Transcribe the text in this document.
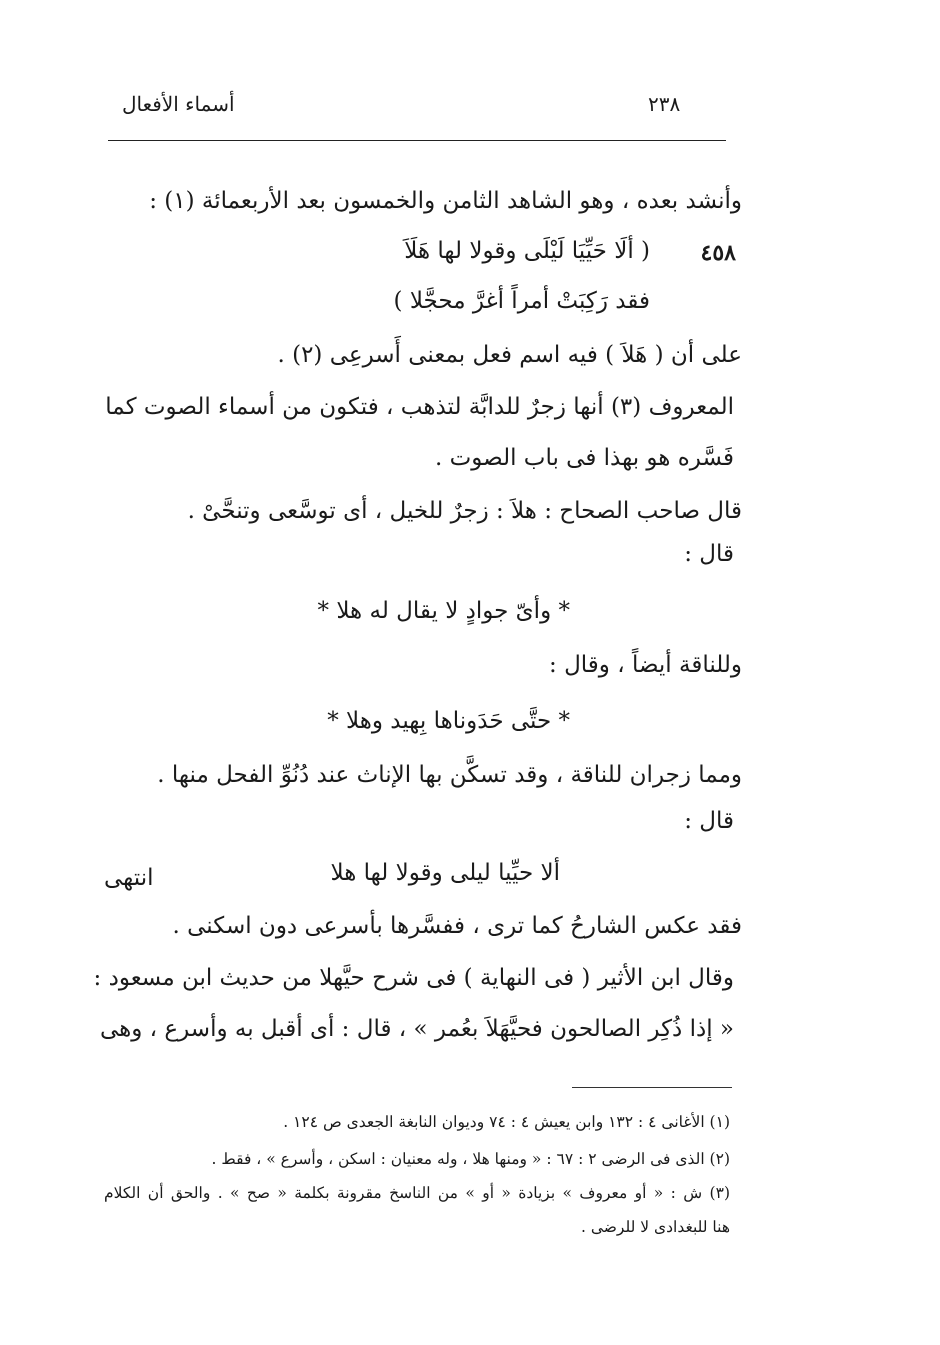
أسماء الأفعال	٢٣٨
وأنشد بعده ، وهو الشاهد الثامن والخمسون بعد الأربعمائة (١) :
٤٥٨
( ألَا حَيِّيَا لَيْلَى وقولا لها هَلَاَ
فقد رَكِبَتْ أمراً أغرَّ محجَّلا )
على أن ( هَلاَ ) فيه اسم فعل بمعنى أَسرعِى (٢) .
المعروف (٣) أنها زجرٌ للدابَّة لتذهب ، فتكون من أسماء الصوت كما
فَسَّره هو بهذا فى باب الصوت .
قال صاحب الصحاح : هلاَ : زجرٌ للخيل ، أى توسَّعى وتنحَّىْ .
قال :
* وأىّ جوادٍ لا يقال له هلا *
وللناقة أيضاً ، وقال :
* حتَّى حَدَوناها بِهيد وهلا *
ومما زجران للناقة ، وقد تسكَّن بها الإناث عند دُنُوِّ الفحل منها .
قال :
ألا حيِّيا ليلى وقولا لها هلا
انتهى
فقد عكس الشارحُ كما ترى ، ففسَّرها بأسرعى دون اسكنى .
وقال ابن الأثير ( فى النهاية ) فى شرح حيَّهلا من حديث ابن مسعود :
« إذا ذُكِر الصالحون فحيَّهَلاَ بعُمر » ، قال : أى أقبل به وأسرع ، وهى
(١) الأغانى ٤ : ١٣٢ وابن يعيش ٤ : ٧٤ وديوان النابغة الجعدى ص ١٢٤ .
(٢) الذى فى الرضى ٢ : ٦٧ : « ومنها هلا ، وله معنيان : اسكن ، وأسرع » ، فقط .
(٣) ش : « أو معروف » بزيادة « أو » من الناسخ مقرونة بكلمة « صح » . والحق أن الكلام
هنا للبغدادى لا للرضى .
